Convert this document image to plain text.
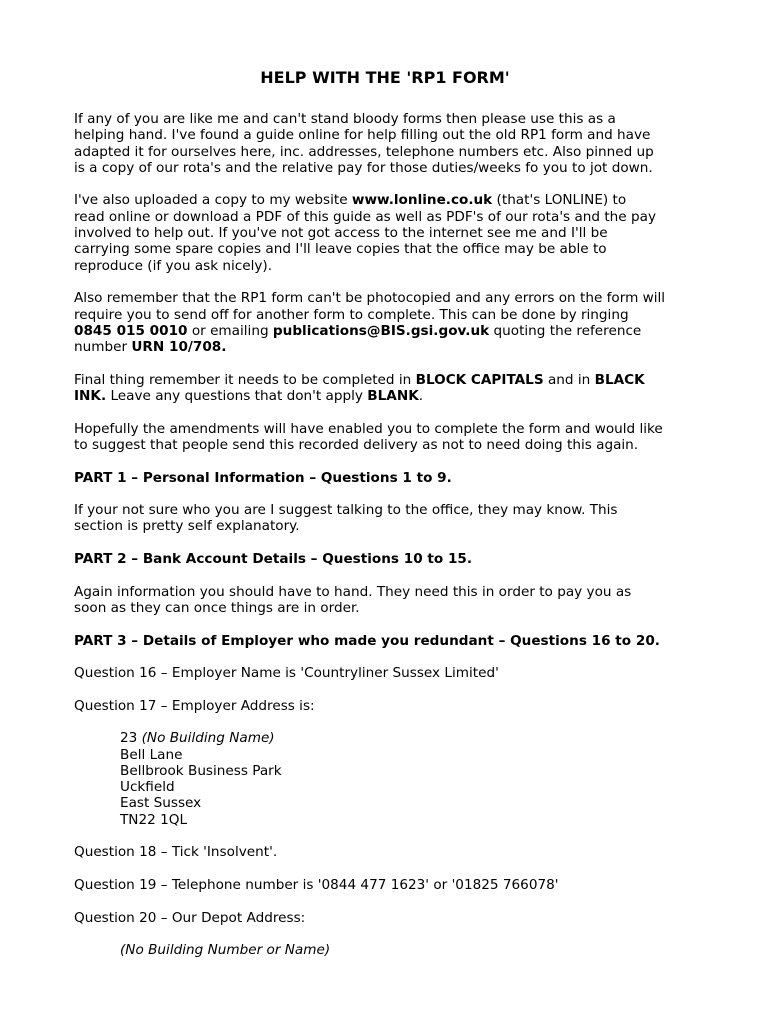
HELP WITH THE 'RP1 FORM'

If any of you are like me and can't stand bloody forms then please use this as a
helping hand. I've found a guide online for help filling out the old RP1 form and have
adapted it for ourselves here, inc. addresses, telephone numbers etc. Also pinned up
is a copy of our rota's and the relative pay for those duties/weeks fo you to jot down.

I've also uploaded a copy to my website www.lonline.co.uk (that's LONLINE) to
read online or download a PDF of this guide as well as PDF's of our rota's and the pay
involved to help out. If you've not got access to the internet see me and I'll be
carrying some spare copies and I'll leave copies that the office may be able to
reproduce (if you ask nicely).

Also remember that the RP1 form can't be photocopied and any errors on the form will
require you to send off for another form to complete. This can be done by ringing
0845 015 0010 or emailing publications@BIS.gsi.gov.uk quoting the reference
number URN 10/708.

Final thing remember it needs to be completed in BLOCK CAPITALS and in BLACK
INK. Leave any questions that don't apply BLANK.

Hopefully the amendments will have enabled you to complete the form and would like
to suggest that people send this recorded delivery as not to need doing this again.

PART 1 – Personal Information – Questions 1 to 9.

If your not sure who you are I suggest talking to the office, they may know. This
section is pretty self explanatory.

PART 2 – Bank Account Details – Questions 10 to 15.

Again information you should have to hand. They need this in order to pay you as
soon as they can once things are in order.

PART 3 – Details of Employer who made you redundant – Questions 16 to 20.

Question 16 – Employer Name is 'Countryliner Sussex Limited'

Question 17 – Employer Address is:

23 (No Building Name)
Bell Lane
Bellbrook Business Park
Uckfield
East Sussex
TN22 1QL

Question 18 – Tick 'Insolvent'.

Question 19 – Telephone number is '0844 477 1623' or '01825 766078'

Question 20 – Our Depot Address:

(No Building Number or Name)
